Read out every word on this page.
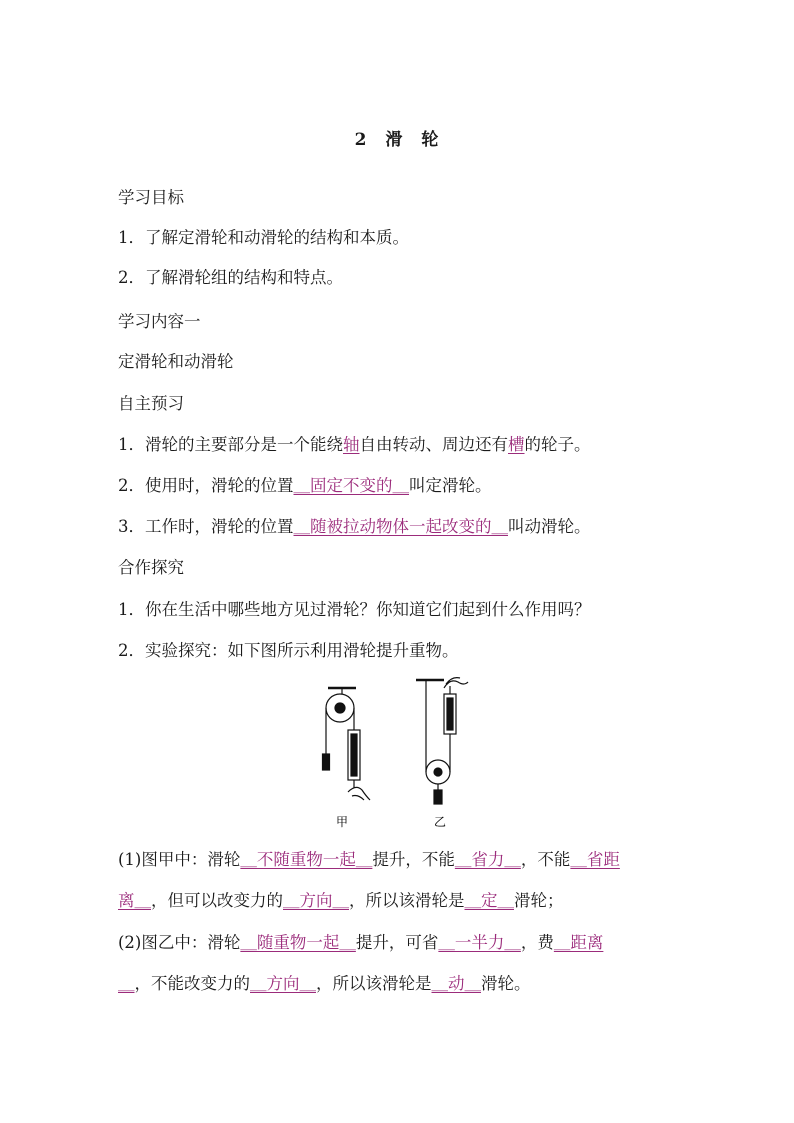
2 滑 轮
学习目标
1．了解定滑轮和动滑轮的结构和本质。
2．了解滑轮组的结构和特点。
学习内容一
定滑轮和动滑轮
自主预习
1．滑轮的主要部分是一个能绕轴自由转动、周边还有槽的轮子。
2．使用时，滑轮的位置＿固定不变的＿叫定滑轮。
3．工作时，滑轮的位置＿随被拉动物体一起改变的＿叫动滑轮。
合作探究
1．你在生活中哪些地方见过滑轮？你知道它们起到什么作用吗？
2．实验探究：如下图所示利用滑轮提升重物。
甲	乙
(1)图甲中：滑轮＿不随重物一起＿提升，不能＿省力＿，不能＿省距
离＿，但可以改变力的＿方向＿，所以该滑轮是＿定＿滑轮；
(2)图乙中：滑轮＿随重物一起＿提升，可省＿一半力＿，费＿距离
＿，不能改变力的＿方向＿，所以该滑轮是＿动＿滑轮。
